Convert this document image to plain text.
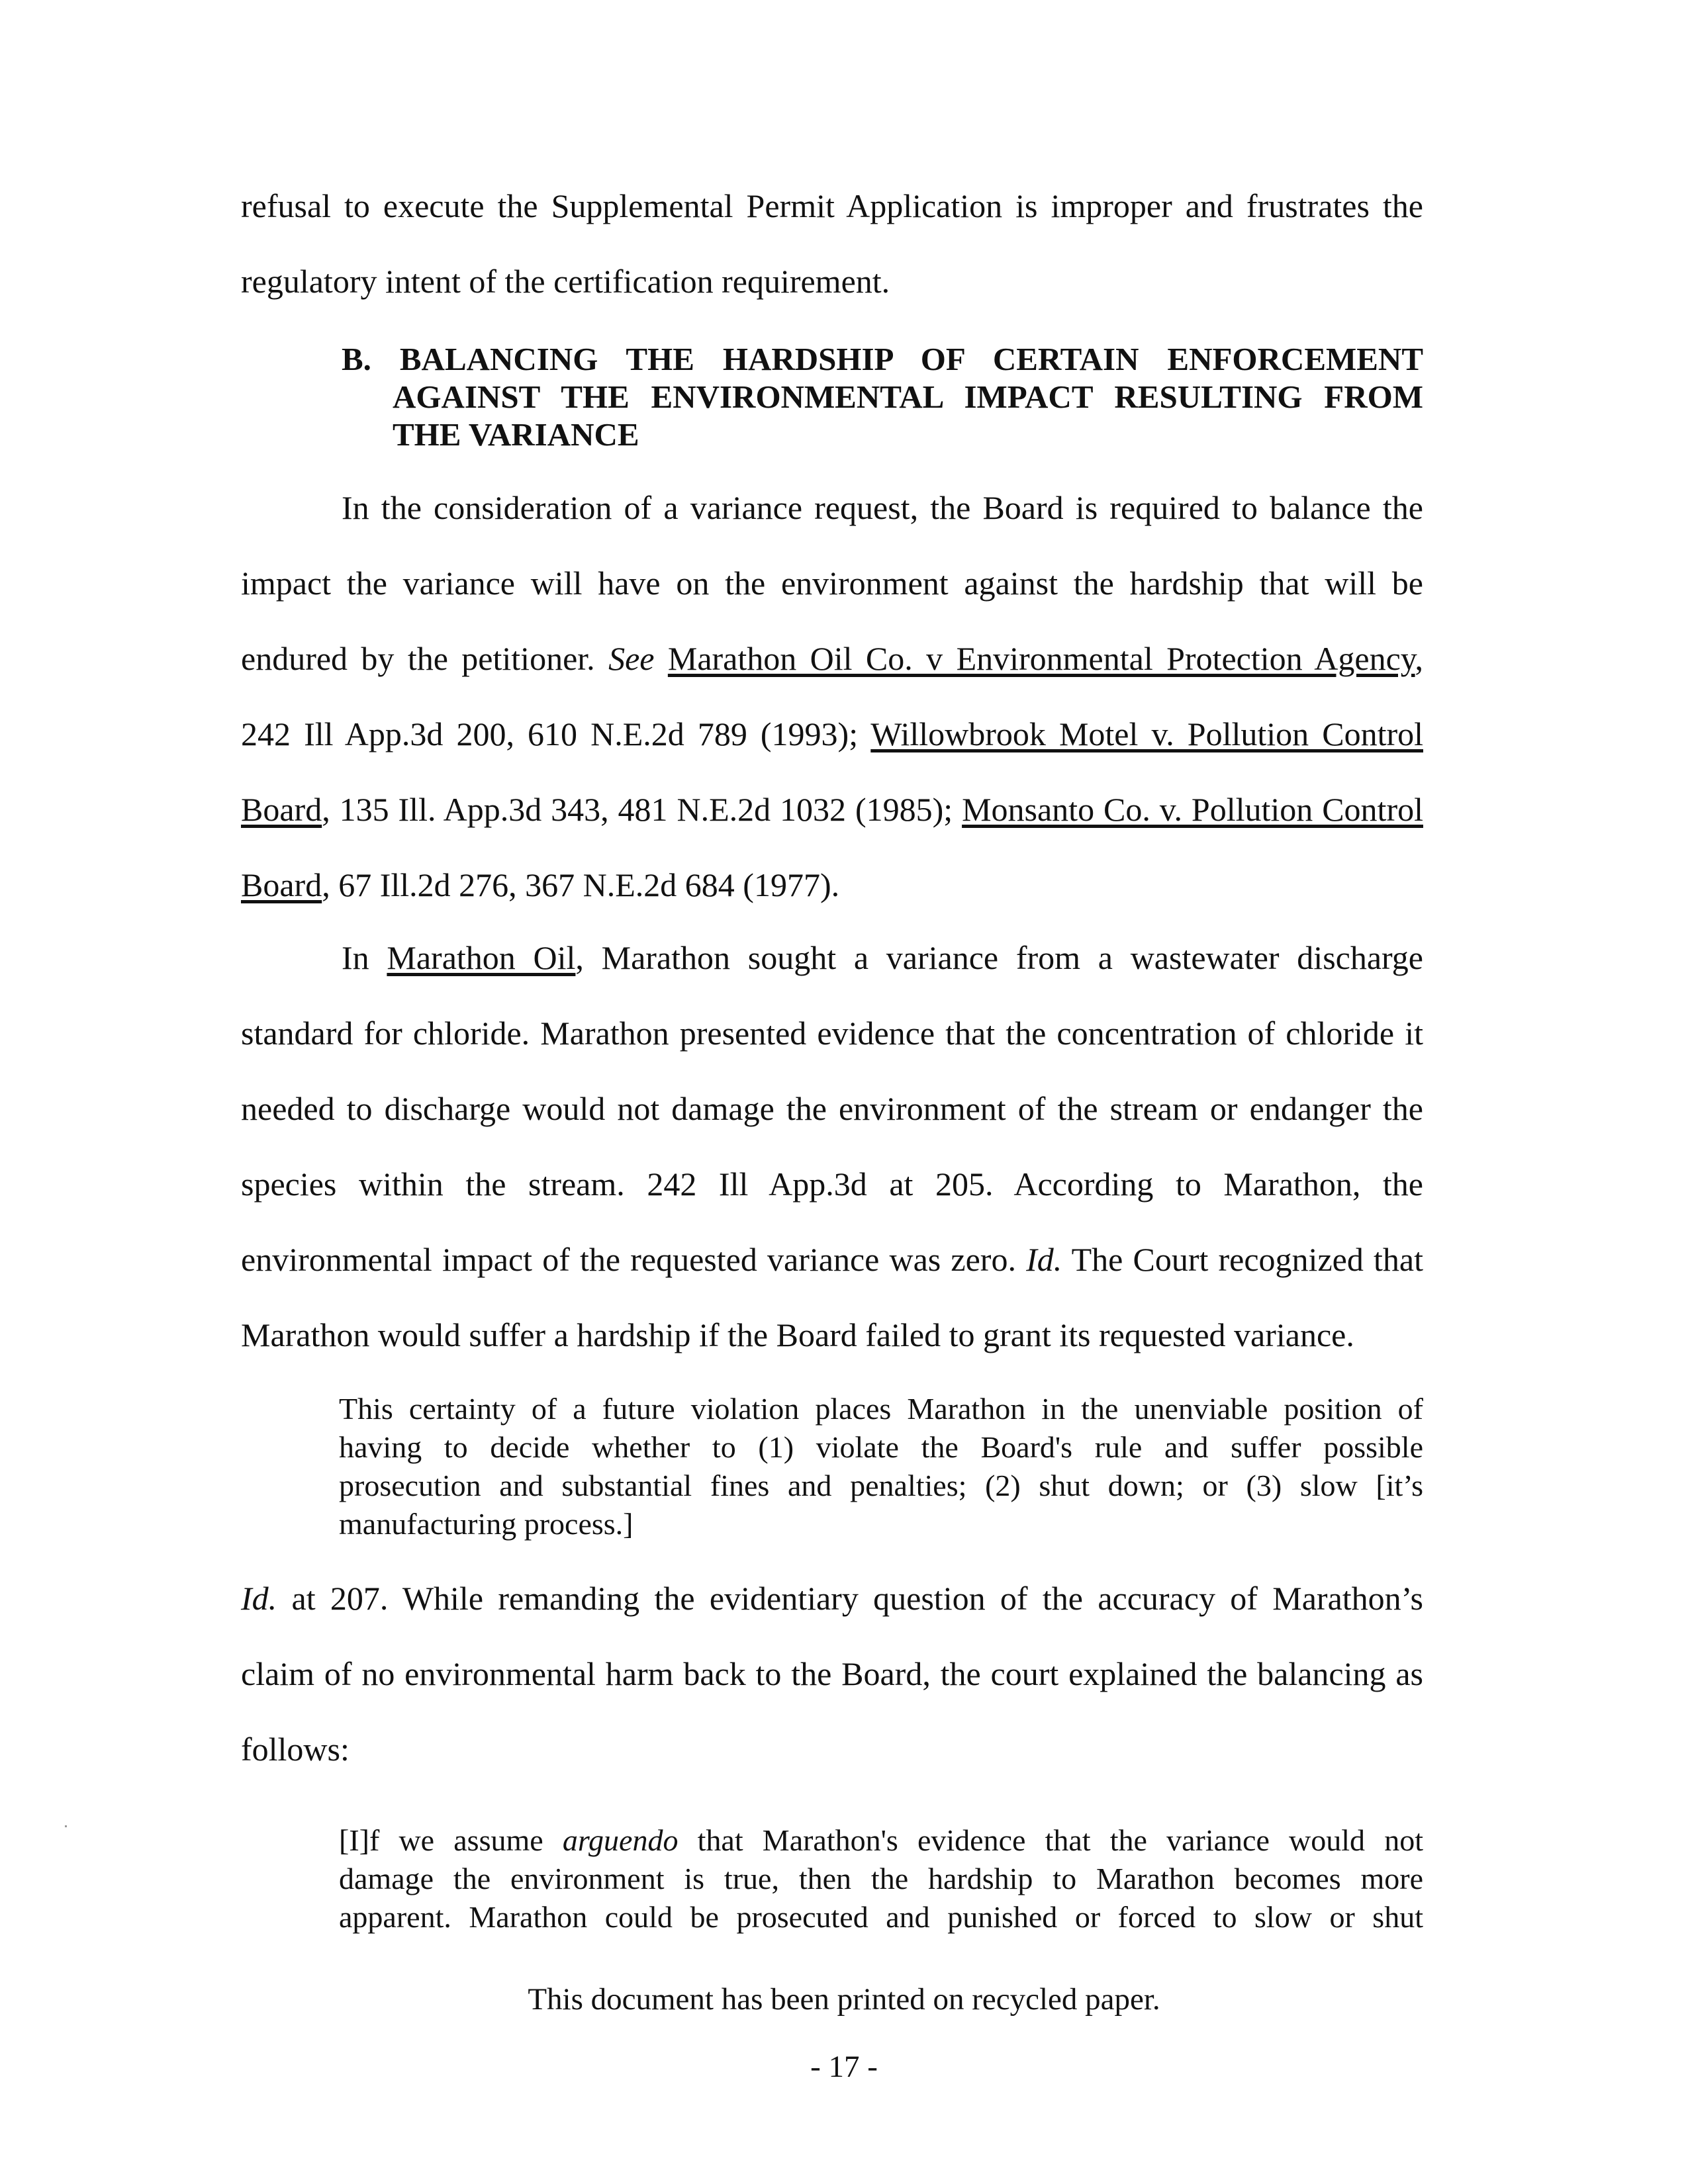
refusal to execute the Supplemental Permit Application is improper and frustrates the

regulatory intent of the certification requirement.

B. BALANCING THE HARDSHIP OF CERTAIN ENFORCEMENT
AGAINST THE ENVIRONMENTAL IMPACT RESULTING FROM
THE VARIANCE

In the consideration of a variance request, the Board is required to balance the

impact the variance will have on the environment against the hardship that will be

endured by the petitioner. See Marathon Oil Co. v Environmental Protection Agency,

242 Ill App.3d 200, 610 N.E.2d 789 (1993); Willowbrook Motel v. Pollution Control

Board, 135 Ill. App.3d 343, 481 N.E.2d 1032 (1985); Monsanto Co. v. Pollution Control

Board, 67 Ill.2d 276, 367 N.E.2d 684 (1977).

In Marathon Oil, Marathon sought a variance from a wastewater discharge

standard for chloride. Marathon presented evidence that the concentration of chloride it

needed to discharge would not damage the environment of the stream or endanger the

species within the stream. 242 Ill App.3d at 205. According to Marathon, the

environmental impact of the requested variance was zero. Id. The Court recognized that

Marathon would suffer a hardship if the Board failed to grant its requested variance.

This certainty of a future violation places Marathon in the unenviable position of
having to decide whether to (1) violate the Board's rule and suffer possible
prosecution and substantial fines and penalties; (2) shut down; or (3) slow [it’s
manufacturing process.]

Id. at 207. While remanding the evidentiary question of the accuracy of Marathon’s

claim of no environmental harm back to the Board, the court explained the balancing as

follows:

[I]f we assume arguendo that Marathon's evidence that the variance would not
damage the environment is true, then the hardship to Marathon becomes more
apparent. Marathon could be prosecuted and punished or forced to slow or shut

This document has been printed on recycled paper.

- 17 -
